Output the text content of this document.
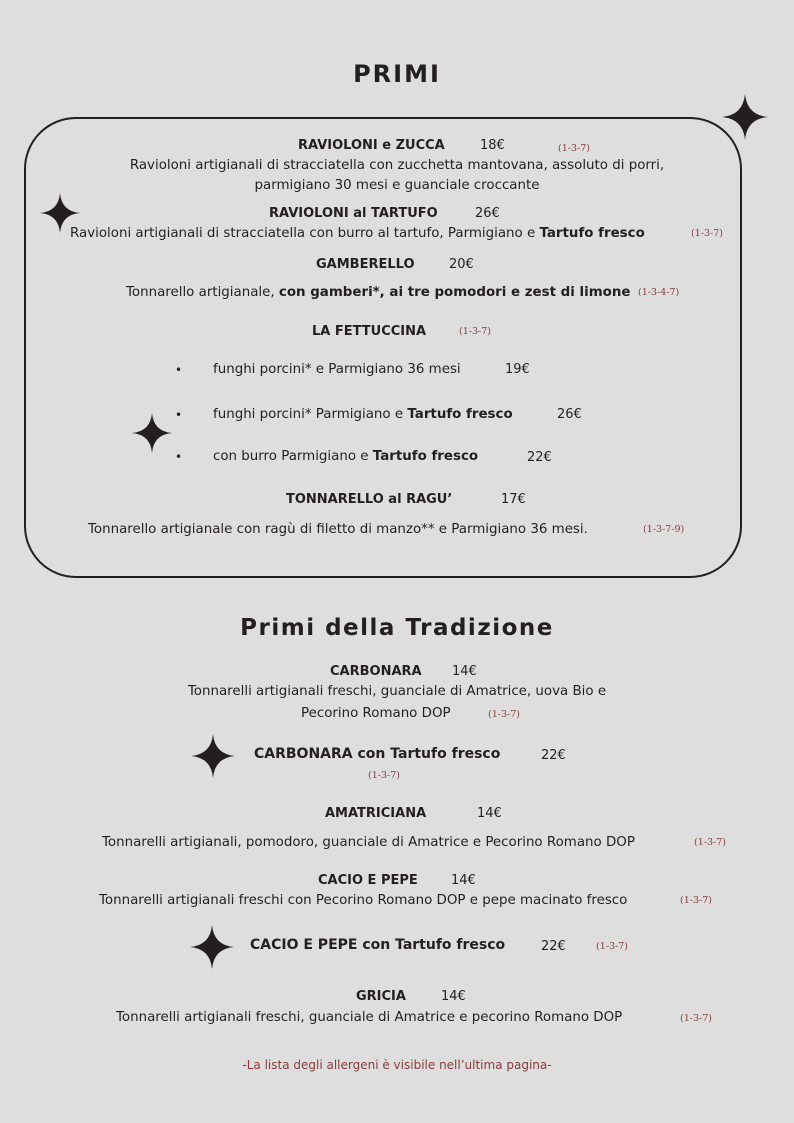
PRIMI
RAVIOLONI e ZUCCA	18€	(1-3-7)
Ravioloni artigianali di stracciatella con zucchetta mantovana, assoluto di porri,
parmigiano 30 mesi e guanciale croccante
RAVIOLONI al TARTUFO	26€
Ravioloni artigianali di stracciatella con burro al tartufo, Parmigiano e Tartufo fresco	(1-3-7)
GAMBERELLO	20€
Tonnarello artigianale, con gamberi*, ai tre pomodori e zest di limone (1-3-4-7)
LA FETTUCCINA	(1-3-7)
• funghi porcini* e Parmigiano 36 mesi	19€
• funghi porcini* Parmigiano e Tartufo fresco	26€
• con burro Parmigiano e Tartufo fresco	22€
TONNARELLO al RAGU’	17€
Tonnarello artigianale con ragù di filetto di manzo** e Parmigiano 36 mesi.	(1-3-7-9)
Primi della Tradizione
CARBONARA 14€
Tonnarelli artigianali freschi, guanciale di Amatrice, uova Bio e
Pecorino Romano DOP	(1-3-7)
CARBONARA con Tartufo fresco	22€
(1-3-7)
AMATRICIANA	14€
Tonnarelli artigianali, pomodoro, guanciale di Amatrice e Pecorino Romano DOP	(1-3-7)
CACIO E PEPE	14€
Tonnarelli artigianali freschi con Pecorino Romano DOP e pepe macinato fresco	(1-3-7)
CACIO E PEPE con Tartufo fresco	22€	(1-3-7)
GRICIA	14€
Tonnarelli artigianali freschi, guanciale di Amatrice e pecorino Romano DOP	(1-3-7)
-La lista degli allergeni è visibile nell’ultima pagina-
